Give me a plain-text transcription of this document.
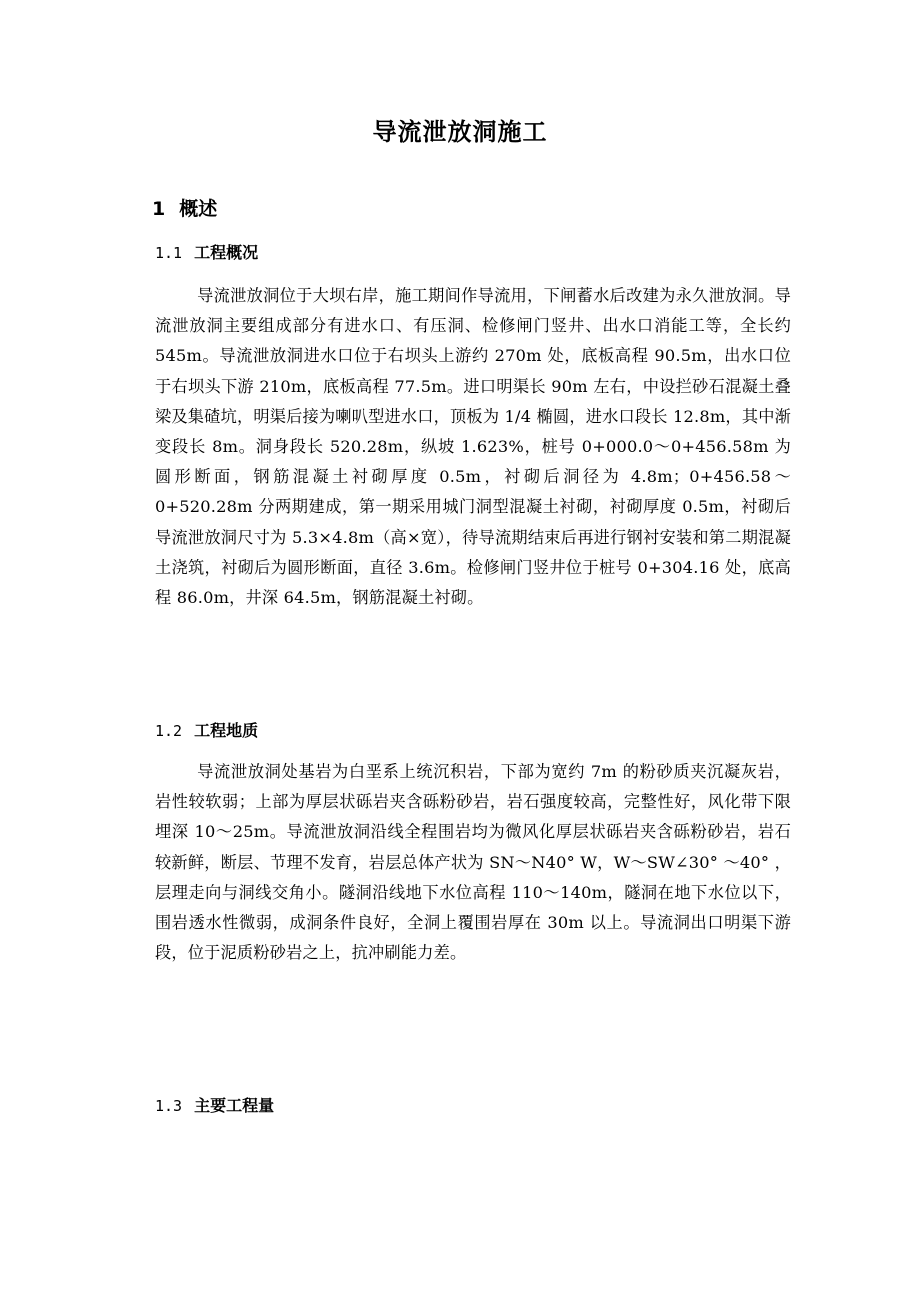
导流泄放洞施工
1 概述
1.1 工程概况

导流泄放洞位于大坝右岸，施工期间作导流用，下闸蓄水后改建为永久泄放洞。导流泄放洞主要组成部分有进水口、有压洞、检修闸门竖井、出水口消能工等，全长约 545m。导流泄放洞进水口位于右坝头上游约 270m 处，底板高程 90.5m，出水口位于右坝头下游 210m，底板高程 77.5m。进口明渠长 90m 左右，中设拦砂石混凝土叠梁及集碴坑，明渠后接为喇叭型进水口，顶板为 1/4 椭圆，进水口段长 12.8m，其中渐变段长 8m。洞身段长 520.28m，纵坡 1.623%，桩号 0+000.0～0+456.58m 为圆形断面，钢筋混凝土衬砌厚度 0.5m，衬砌后洞径为 4.8m；0+456.58～0+520.28m 分两期建成，第一期采用城门洞型混凝土衬砌，衬砌厚度 0.5m，衬砌后导流泄放洞尺寸为 5.3×4.8m（高×宽），待导流期结束后再进行钢衬安装和第二期混凝土浇筑，衬砌后为圆形断面，直径 3.6m。检修闸门竖井位于桩号 0+304.16 处，底高程 86.0m，井深 64.5m，钢筋混凝土衬砌。

1.2 工程地质

导流泄放洞处基岩为白垩系上统沉积岩，下部为宽约 7m 的粉砂质夹沉凝灰岩，岩性较软弱；上部为厚层状砾岩夹含砾粉砂岩，岩石强度较高，完整性好，风化带下限埋深 10～25m。导流泄放洞沿线全程围岩均为微风化厚层状砾岩夹含砾粉砂岩，岩石较新鲜，断层、节理不发育，岩层总体产状为 SN～N40° W，W～SW∠30° ～40° ，层理走向与洞线交角小。隧洞沿线地下水位高程 110～140m，隧洞在地下水位以下，围岩透水性微弱，成洞条件良好，全洞上覆围岩厚在 30m 以上。导流洞出口明渠下游段，位于泥质粉砂岩之上，抗冲刷能力差。

1.3 主要工程量
